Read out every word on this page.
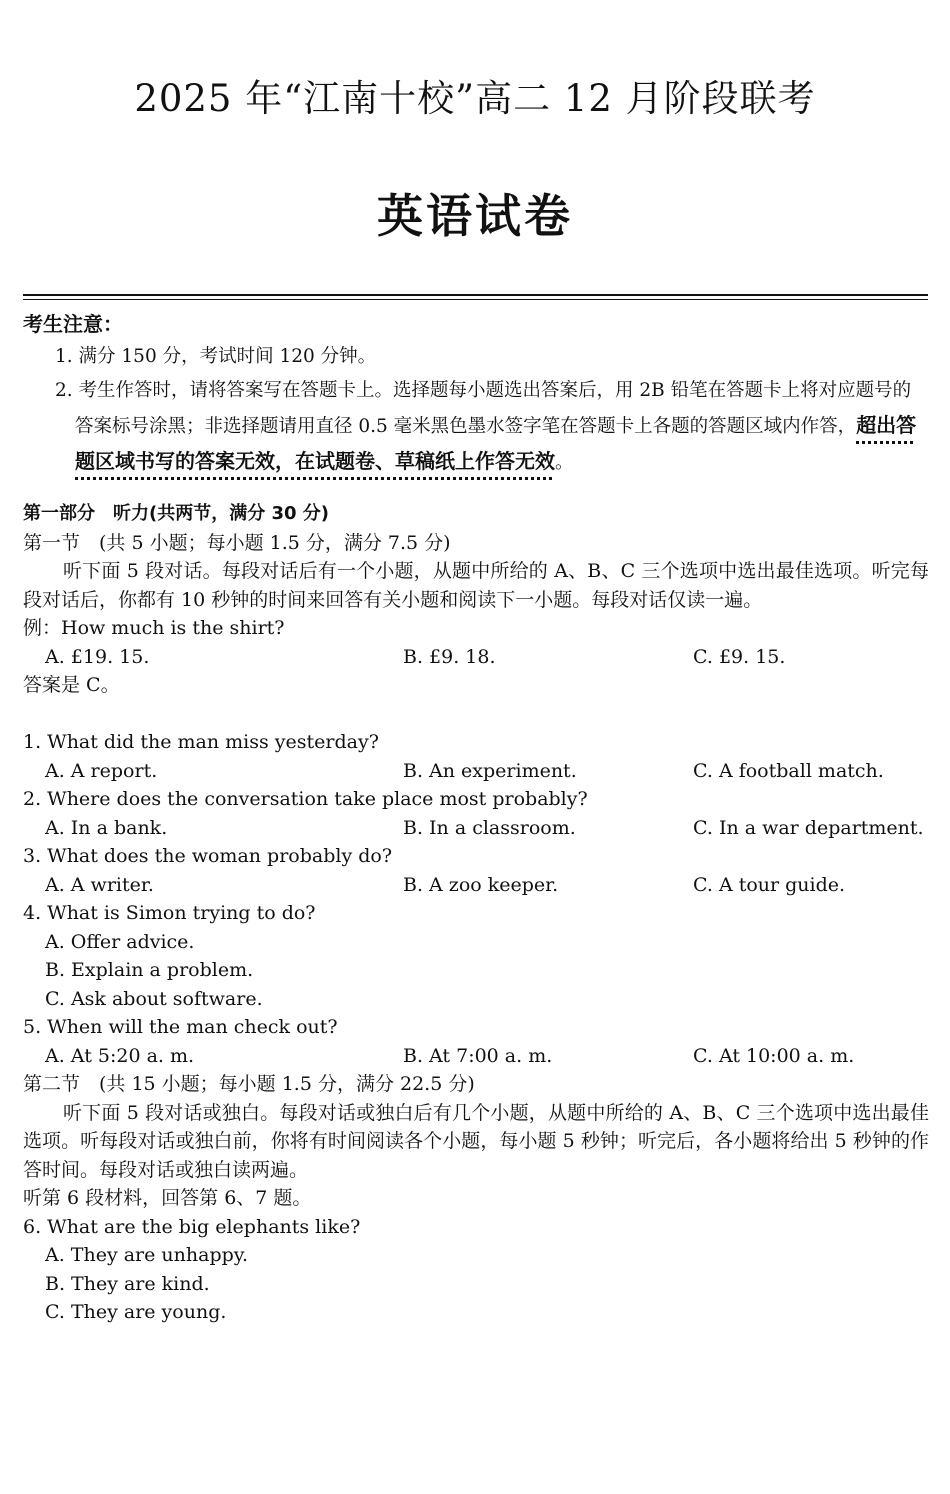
2025 年“江南十校”高二 12 月阶段联考
英语试卷
考生注意：
1. 满分 150 分，考试时间 120 分钟。
2. 考生作答时，请将答案写在答题卡上。选择题每小题选出答案后，用 2B 铅笔在答题卡上将对应题号的答案标号涂黑；非选择题请用直径 0.5 毫米黑色墨水签字笔在答题卡上各题的答题区域内作答，超出答题区域书写的答案无效，在试题卷、草稿纸上作答无效。
第一部分　听力(共两节，满分 30 分)
第一节　(共 5 小题；每小题 1.5 分，满分 7.5 分)
听下面 5 段对话。每段对话后有一个小题，从题中所给的 A、B、C 三个选项中选出最佳选项。听完每段对话后，你都有 10 秒钟的时间来回答有关小题和阅读下一小题。每段对话仅读一遍。
例：How much is the shirt?
A. £19. 15.	B. £9. 18.	C. £9. 15.
答案是 C。
1. What did the man miss yesterday?
A. A report.	B. An experiment.	C. A football match.
2. Where does the conversation take place most probably?
A. In a bank.	B. In a classroom.	C. In a war department.
3. What does the woman probably do?
A. A writer.	B. A zoo keeper.	C. A tour guide.
4. What is Simon trying to do?
A. Offer advice.
B. Explain a problem.
C. Ask about software.
5. When will the man check out?
A. At 5:20 a. m.	B. At 7:00 a. m.	C. At 10:00 a. m.
第二节　(共 15 小题；每小题 1.5 分，满分 22.5 分)
听下面 5 段对话或独白。每段对话或独白后有几个小题，从题中所给的 A、B、C 三个选项中选出最佳选项。听每段对话或独白前，你将有时间阅读各个小题，每小题 5 秒钟；听完后，各小题将给出 5 秒钟的作答时间。每段对话或独白读两遍。
听第 6 段材料，回答第 6、7 题。
6. What are the big elephants like?
A. They are unhappy.
B. They are kind.
C. They are young.
